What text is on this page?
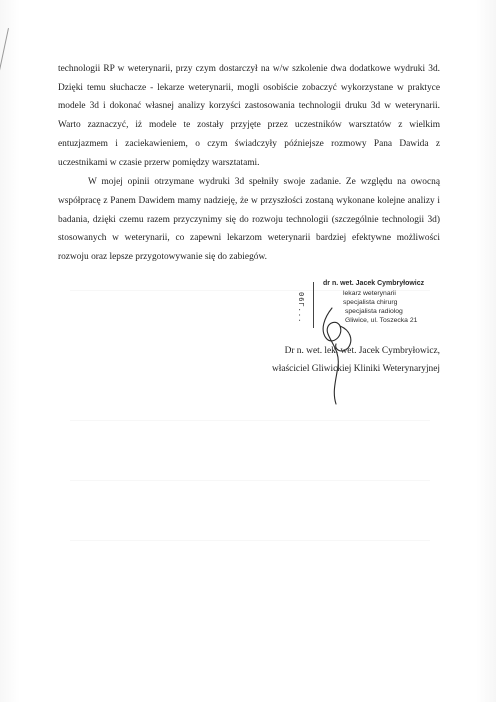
technologii RP w weterynarii, przy czym dostarczył na w/w szkolenie dwa dodatkowe wydruki 3d. Dzięki temu słuchacze - lekarze weterynarii, mogli osobiście zobaczyć wykorzystane w praktyce modele 3d i dokonać własnej analizy korzyści zastosowania technologii druku 3d w weterynarii. Warto zaznaczyć, iż modele te zostały przyjęte przez uczestników warsztatów z wielkim entuzjazmem i zaciekawieniem, o czym świadczyły późniejsze rozmowy Pana Dawida z uczestnikami w czasie przerw pomiędzy warsztatami.

W mojej opinii otrzymane wydruki 3d spełniły swoje zadanie. Ze względu na owocną współpracę z Panem Dawidem mamy nadzieję, że w przyszłości zostaną wykonane kolejne analizy i badania, dzięki czemu razem przyczynimy się do rozwoju technologii (szczególnie technologii 3d) stosowanych w weterynarii, co zapewni lekarzom weterynarii bardziej efektywne możliwości rozwoju oraz lepsze przygotowywanie się do zabiegów.

06Г...
dr n. wet. Jacek Cymbryłowicz
lekarz weterynarii
specjalista chirurg
specjalista radiolog
Gliwice, ul. Toszecka 21
Dr n. wet. lek. wet. Jacek Cymbryłowicz,
właściciel Gliwickiej Kliniki Weterynaryjnej
